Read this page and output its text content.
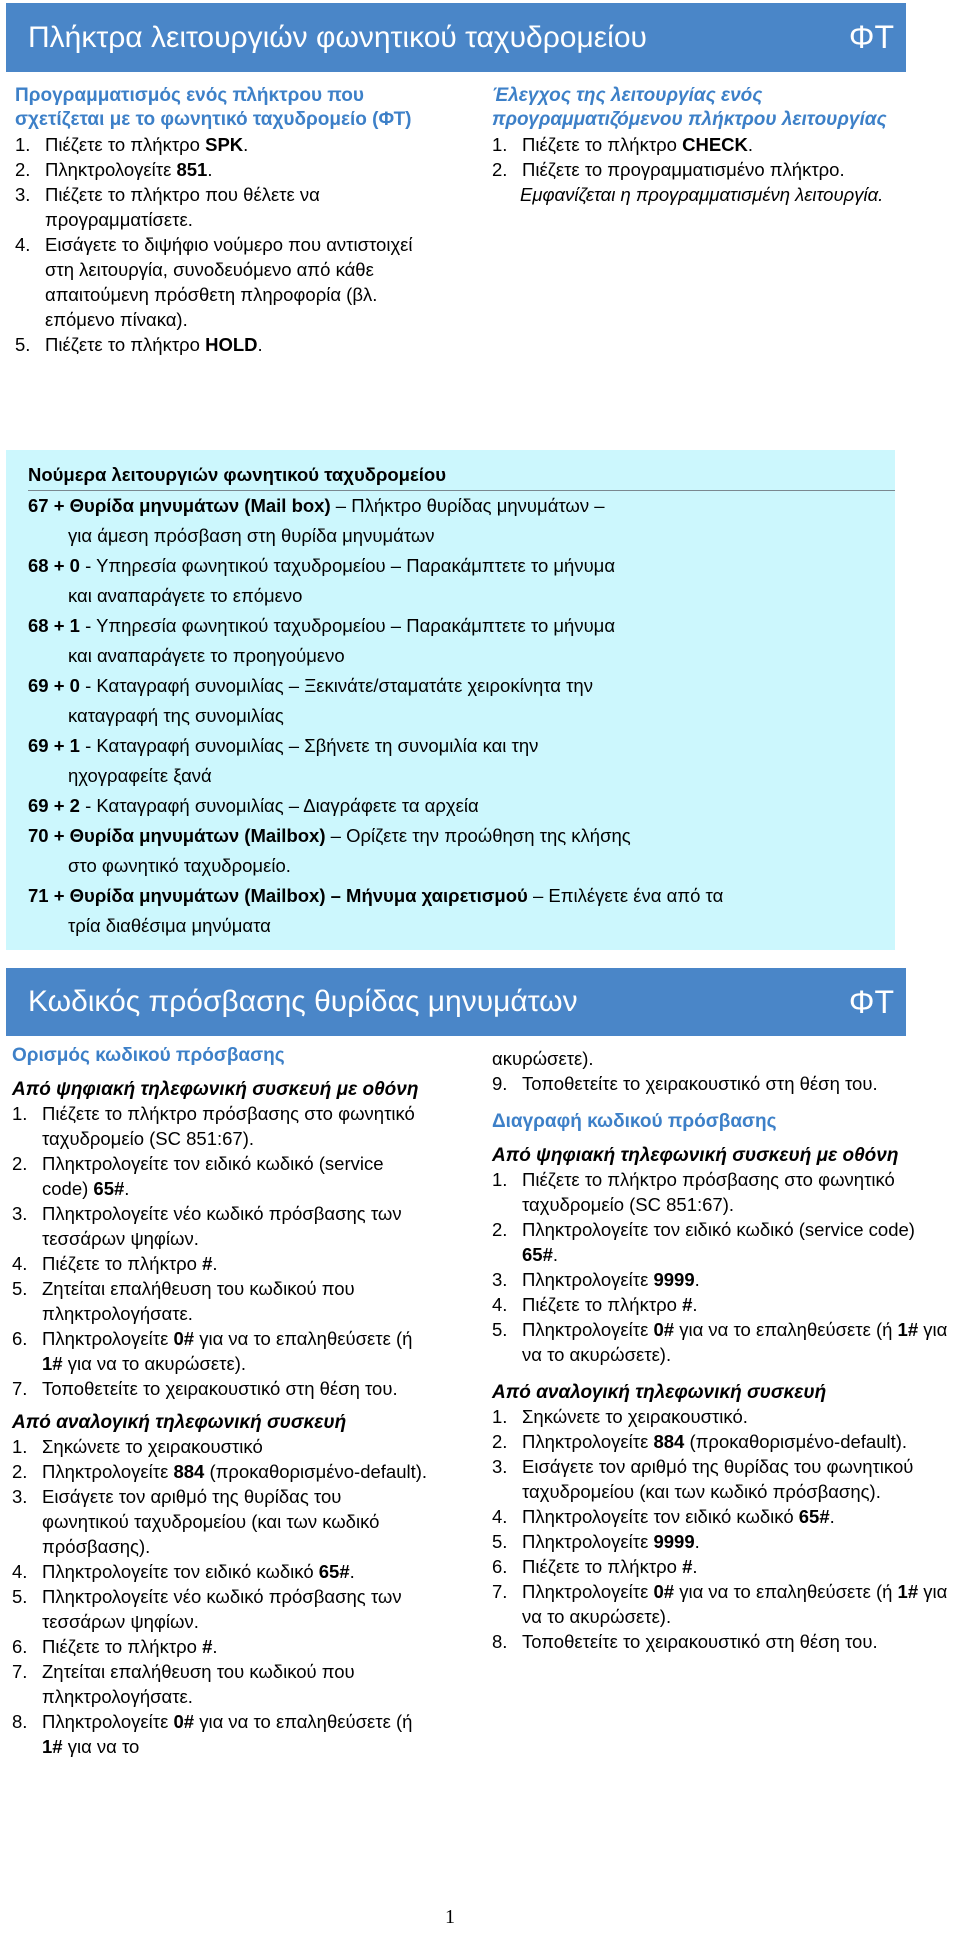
Πλήκτρα λειτουργιών φωνητικού ταχυδρομείου	ΦΤ
Προγραμματισμός ενός πλήκτρου που σχετίζεται με το φωνητικό ταχυδρομείο (ΦΤ)
1. Πιέζετε το πλήκτρο SPK.
2. Πληκτρολογείτε 851.
3. Πιέζετε το πλήκτρο που θέλετε να προγραμματίσετε.
4. Εισάγετε το διψήφιο νούμερο που αντιστοιχεί στη λειτουργία, συνοδευόμενο από κάθε απαιτούμενη πρόσθετη πληροφορία (βλ. επόμενο πίνακα).
5. Πιέζετε το πλήκτρο HOLD.
Έλεγχος της λειτουργίας ενός προγραμματιζόμενου πλήκτρου λειτουργίας
1. Πιέζετε το πλήκτρο CHECK.
2. Πιέζετε το προγραμματισμένο πλήκτρο.
Εμφανίζεται η προγραμματισμένη λειτουργία.
Νούμερα λειτουργιών φωνητικού ταχυδρομείου
67 + Θυρίδα μηνυμάτων (Mail box) – Πλήκτρο θυρίδας μηνυμάτων –
για άμεση πρόσβαση στη θυρίδα μηνυμάτων
68 + 0 - Υπηρεσία φωνητικού ταχυδρομείου – Παρακάμπτετε το μήνυμα
και αναπαράγετε το επόμενο
68 + 1 - Υπηρεσία φωνητικού ταχυδρομείου – Παρακάμπτετε το μήνυμα
και αναπαράγετε το προηγούμενο
69 + 0 - Καταγραφή συνομιλίας – Ξεκινάτε/σταματάτε χειροκίνητα την
καταγραφή της συνομιλίας
69 + 1 - Καταγραφή συνομιλίας – Σβήνετε τη συνομιλία και την
ηχογραφείτε ξανά
69 + 2 - Καταγραφή συνομιλίας – Διαγράφετε τα αρχεία
70 + Θυρίδα μηνυμάτων (Mailbox) – Ορίζετε την προώθηση της κλήσης
στο φωνητικό ταχυδρομείο.
71 + Θυρίδα μηνυμάτων (Mailbox) – Μήνυμα χαιρετισμού – Επιλέγετε ένα από τα
τρία διαθέσιμα μηνύματα
Κωδικός πρόσβασης θυρίδας μηνυμάτων	ΦΤ
Ορισμός κωδικού πρόσβασης
Από ψηφιακή τηλεφωνική συσκευή με οθόνη
1. Πιέζετε το πλήκτρο πρόσβασης στο φωνητικό ταχυδρομείο (SC 851:67).
2. Πληκτρολογείτε τον ειδικό κωδικό (service code) 65#.
3. Πληκτρολογείτε νέο κωδικό πρόσβασης των τεσσάρων ψηφίων.
4. Πιέζετε το πλήκτρο #.
5. Ζητείται επαλήθευση του κωδικού που πληκτρολογήσατε.
6. Πληκτρολογείτε 0# για να το επαληθεύσετε (ή 1# για να το ακυρώσετε).
7. Τοποθετείτε το χειρακουστικό στη θέση του.
Από αναλογική τηλεφωνική συσκευή
1. Σηκώνετε το χειρακουστικό
2. Πληκτρολογείτε 884 (προκαθορισμένο-default).
3. Εισάγετε τον αριθμό της θυρίδας του φωνητικού ταχυδρομείου (και των κωδικό πρόσβασης).
4. Πληκτρολογείτε τον ειδικό κωδικό 65#.
5. Πληκτρολογείτε νέο κωδικό πρόσβασης των τεσσάρων ψηφίων.
6. Πιέζετε το πλήκτρο #.
7. Ζητείται επαλήθευση του κωδικού που πληκτρολογήσατε.
8. Πληκτρολογείτε 0# για να το επαληθεύσετε (ή 1# για να το
ακυρώσετε).
9. Τοποθετείτε το χειρακουστικό στη θέση του.
Διαγραφή κωδικού πρόσβασης
Από ψηφιακή τηλεφωνική συσκευή με οθόνη
1. Πιέζετε το πλήκτρο πρόσβασης στο φωνητικό ταχυδρομείο (SC 851:67).
2. Πληκτρολογείτε τον ειδικό κωδικό (service code) 65#.
3. Πληκτρολογείτε 9999.
4. Πιέζετε το πλήκτρο #.
5. Πληκτρολογείτε 0# για να το επαληθεύσετε (ή 1# για να το ακυρώσετε).
Από αναλογική τηλεφωνική συσκευή
1. Σηκώνετε το χειρακουστικό.
2. Πληκτρολογείτε 884 (προκαθορισμένο-default).
3. Εισάγετε τον αριθμό της θυρίδας του φωνητικού ταχυδρομείου (και των κωδικό πρόσβασης).
4. Πληκτρολογείτε τον ειδικό κωδικό 65#.
5. Πληκτρολογείτε 9999.
6. Πιέζετε το πλήκτρο #.
7. Πληκτρολογείτε 0# για να το επαληθεύσετε (ή 1# για να το ακυρώσετε).
8. Τοποθετείτε το χειρακουστικό στη θέση του.
1
